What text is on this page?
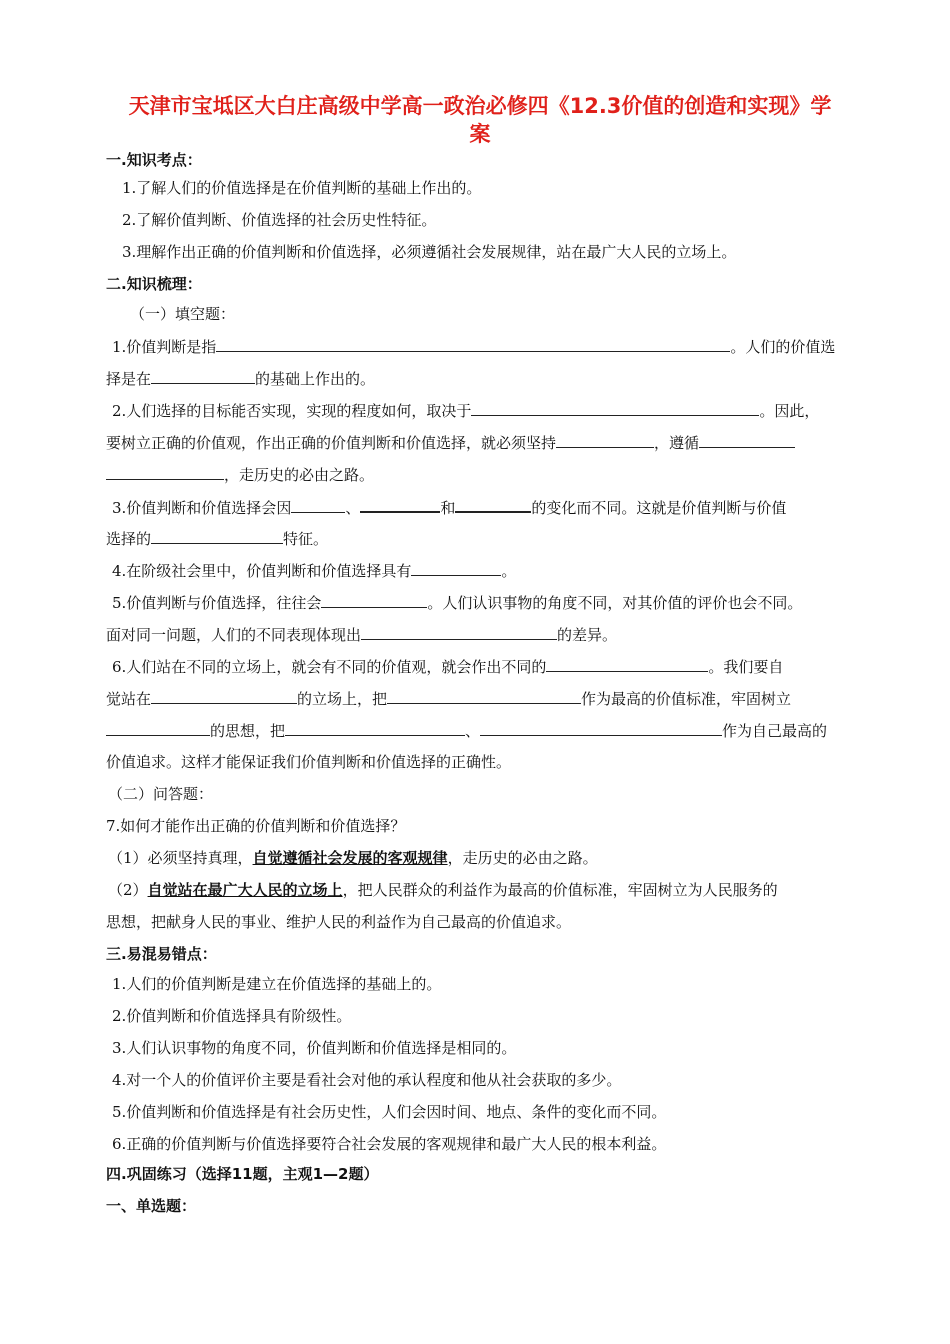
天津市宝坻区大白庄高级中学高一政治必修四《12.3价值的创造和实现》学
案
一.知识考点：
1.了解人们的价值选择是在价值判断的基础上作出的。
2.了解价值判断、价值选择的社会历史性特征。
3.理解作出正确的价值判断和价值选择，必须遵循社会发展规律，站在最广大人民的立场上。
二.知识梳理：
（一）填空题：
1.价值判断是指	。人们的价值选
择是在	的基础上作出的。
2.人们选择的目标能否实现，实现的程度如何，取决于	。因此，
要树立正确的价值观，作出正确的价值判断和价值选择，就必须坚持	，遵循
，走历史的必由之路。
3.价值判断和价值选择会因	、	和	的变化而不同。这就是价值判断与价值
选择的	特征。
4.在阶级社会里中，价值判断和价值选择具有	。
5.价值判断与价值选择，往往会	。人们认识事物的角度不同，对其价值的评价也会不同。
面对同一问题，人们的不同表现体现出	的差异。
6.人们站在不同的立场上，就会有不同的价值观，就会作出不同的	。我们要自
觉站在	的立场上，把	作为最高的价值标准，牢固树立
的思想，把	、	作为自己最高的
价值追求。这样才能保证我们价值判断和价值选择的正确性。
（二）问答题：
7.如何才能作出正确的价值判断和价值选择？
（1）必须坚持真理，自觉遵循社会发展的客观规律，走历史的必由之路。
（2）自觉站在最广大人民的立场上，把人民群众的利益作为最高的价值标准，牢固树立为人民服务的
思想，把献身人民的事业、维护人民的利益作为自己最高的价值追求。
三.易混易错点：
1.人们的价值判断是建立在价值选择的基础上的。
2.价值判断和价值选择具有阶级性。
3.人们认识事物的角度不同，价值判断和价值选择是相同的。
4.对一个人的价值评价主要是看社会对他的承认程度和他从社会获取的多少。
5.价值判断和价值选择是有社会历史性，人们会因时间、地点、条件的变化而不同。
6.正确的价值判断与价值选择要符合社会发展的客观规律和最广大人民的根本利益。
四.巩固练习（选择11题，主观1—2题）
一、单选题：
